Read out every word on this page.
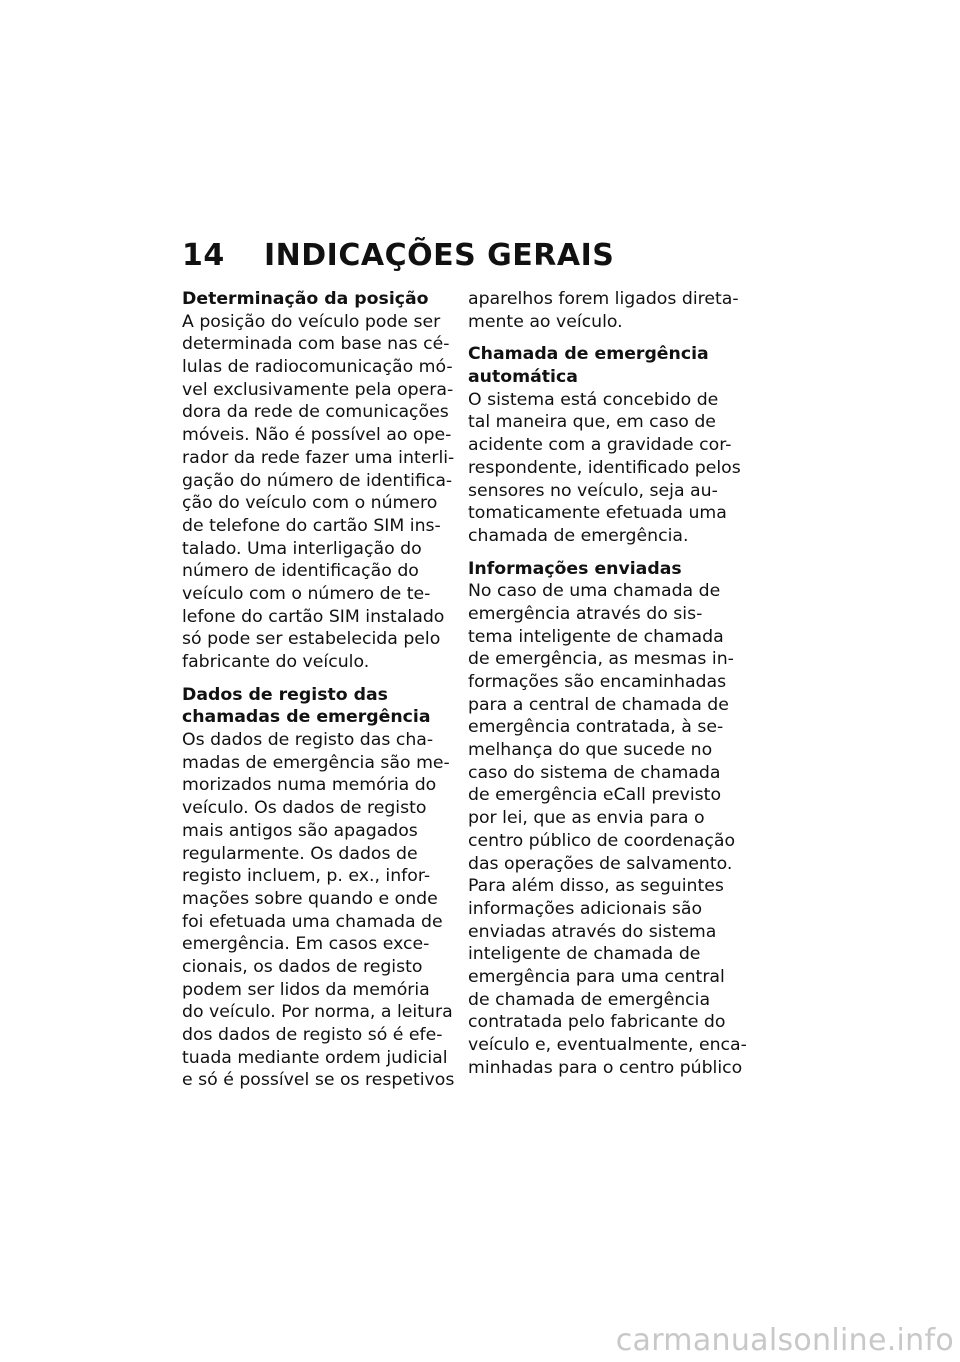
14 INDICAÇÕES GERAIS
Determinação da posição
A posição do veículo pode ser
determinada com base nas cé-
lulas de radiocomunicação mó-
vel exclusivamente pela opera-
dora da rede de comunicações
móveis. Não é possível ao ope-
rador da rede fazer uma interli-
gação do número de identifica-
ção do veículo com o número
de telefone do cartão SIM ins-
talado. Uma interligação do
número de identificação do
veículo com o número de te-
lefone do cartão SIM instalado
só pode ser estabelecida pelo
fabricante do veículo.
Dados de registo das
chamadas de emergência
Os dados de registo das cha-
madas de emergência são me-
morizados numa memória do
veículo. Os dados de registo
mais antigos são apagados
regularmente. Os dados de
registo incluem, p. ex., infor-
mações sobre quando e onde
foi efetuada uma chamada de
emergência. Em casos exce-
cionais, os dados de registo
podem ser lidos da memória
do veículo. Por norma, a leitura
dos dados de registo só é efe-
tuada mediante ordem judicial
e só é possível se os respetivos
aparelhos forem ligados direta-
mente ao veículo.
Chamada de emergência
automática
O sistema está concebido de
tal maneira que, em caso de
acidente com a gravidade cor-
respondente, identificado pelos
sensores no veículo, seja au-
tomaticamente efetuada uma
chamada de emergência.
Informações enviadas
No caso de uma chamada de
emergência através do sis-
tema inteligente de chamada
de emergência, as mesmas in-
formações são encaminhadas
para a central de chamada de
emergência contratada, à se-
melhança do que sucede no
caso do sistema de chamada
de emergência eCall previsto
por lei, que as envia para o
centro público de coordenação
das operações de salvamento.
Para além disso, as seguintes
informações adicionais são
enviadas através do sistema
inteligente de chamada de
emergência para uma central
de chamada de emergência
contratada pelo fabricante do
veículo e, eventualmente, enca-
minhadas para o centro público
carmanualsonline.info
